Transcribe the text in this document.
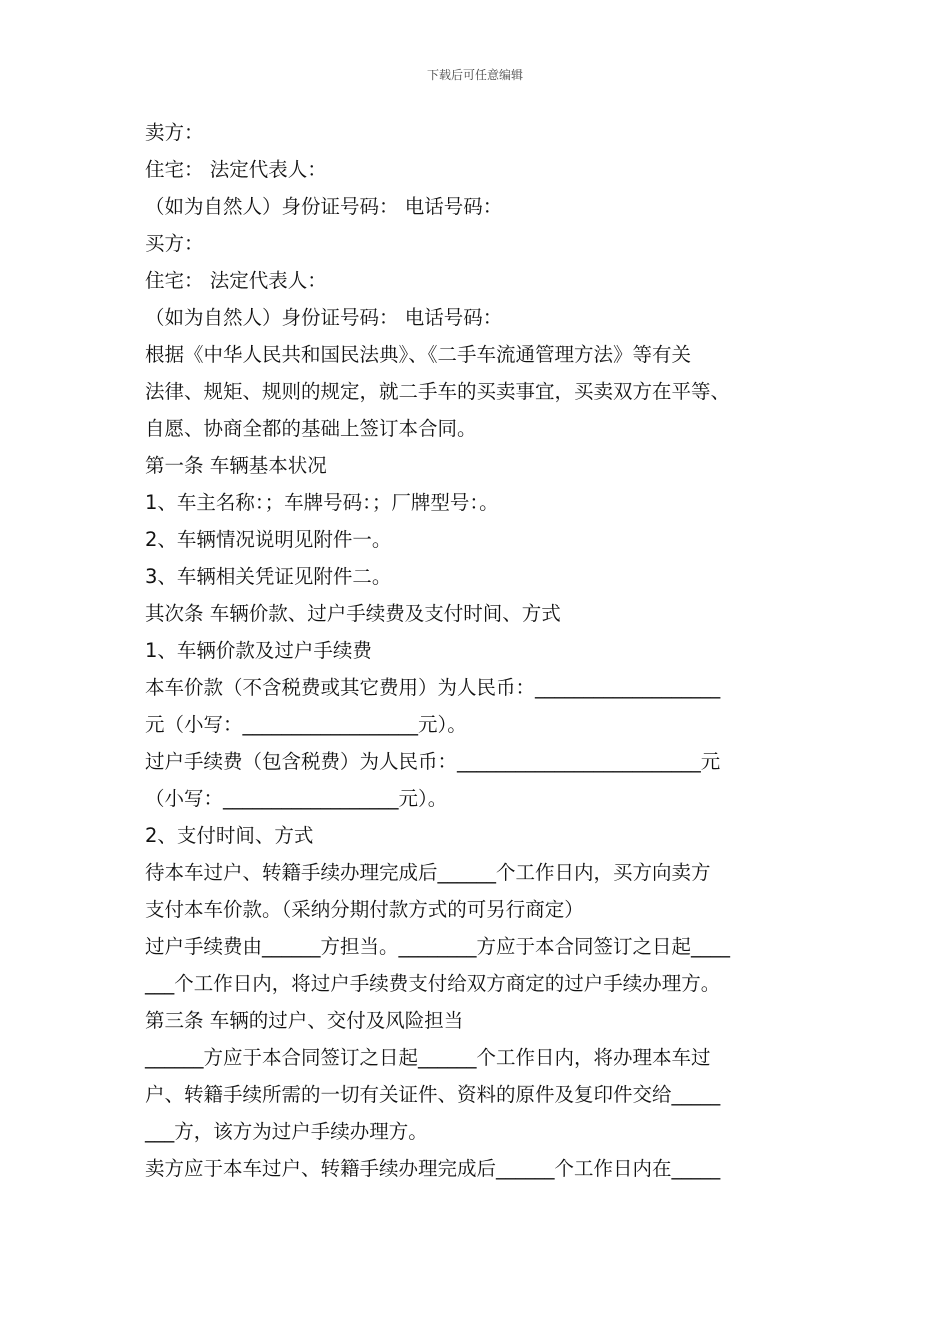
下载后可任意编辑
卖方：
住宅： 法定代表人：
（如为自然人）身份证号码： 电话号码：
买方：
住宅： 法定代表人：
（如为自然人）身份证号码： 电话号码：
根据《中华人民共和国民法典》、《二手车流通管理方法》等有关
法律、规矩、规则的规定，就二手车的买卖事宜，买卖双方在平等、
自愿、协商全都的基础上签订本合同。
第一条 车辆基本状况
1、车主名称：；车牌号码：；厂牌型号：。
2、车辆情况说明见附件一。
3、车辆相关凭证见附件二。
其次条 车辆价款、过户手续费及支付时间、方式
1、车辆价款及过户手续费
本车价款（不含税费或其它费用）为人民币：___________________
元（小写：__________________元）。
过户手续费（包含税费）为人民币：_________________________元
（小写：__________________元）。
2、支付时间、方式
待本车过户、转籍手续办理完成后______个工作日内，买方向卖方
支付本车价款。（采纳分期付款方式的可另行商定）
过户手续费由______方担当。________方应于本合同签订之日起____
___个工作日内，将过户手续费支付给双方商定的过户手续办理方。
第三条 车辆的过户、交付及风险担当
______方应于本合同签订之日起______个工作日内，将办理本车过
户、转籍手续所需的一切有关证件、资料的原件及复印件交给_____
___方，该方为过户手续办理方。
卖方应于本车过户、转籍手续办理完成后______个工作日内在_____
